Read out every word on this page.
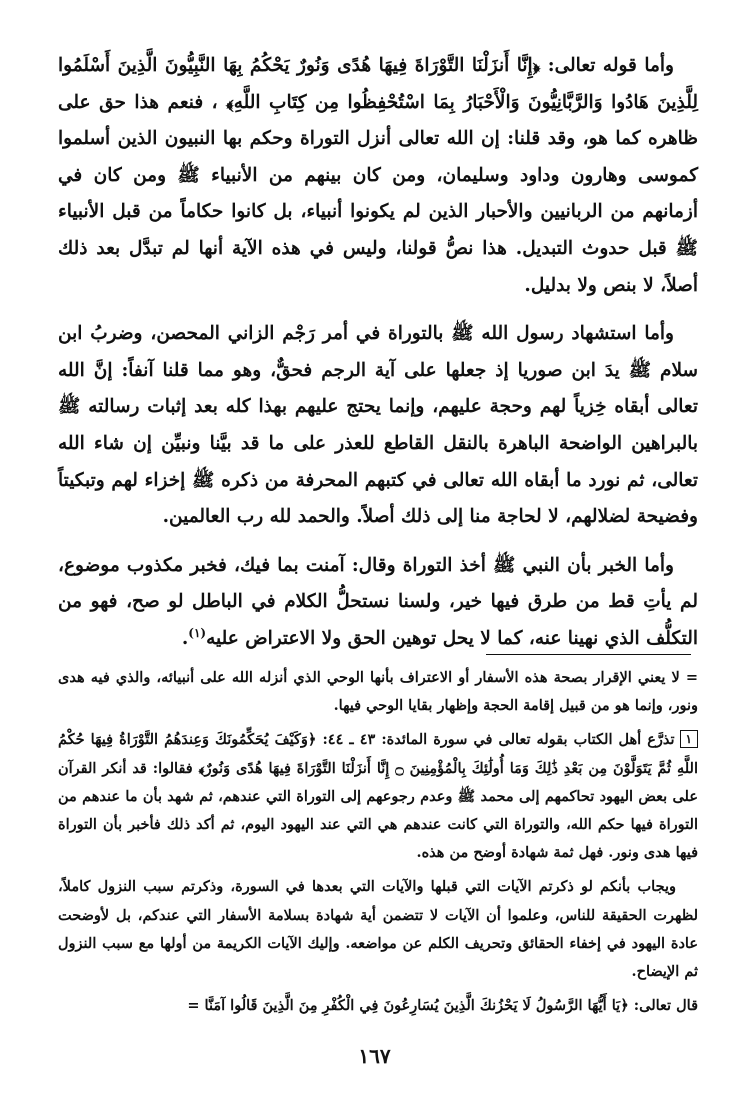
وأما قوله تعالى: ﴿إِنَّا أَنزَلْنَا التَّوْرَاةَ فِيهَا هُدًى وَنُورٌ يَحْكُمُ بِهَا النَّبِيُّونَ الَّذِينَ أَسْلَمُوا لِلَّذِينَ هَادُوا وَالرَّبَّانِيُّونَ وَالْأَحْبَارُ بِمَا اسْتُحْفِظُوا مِن كِتَابِ اللَّهِ﴾ ، فنعم هذا حق على ظاهره كما هو، وقد قلنا: إن الله تعالى أنزل التوراة وحكم بها النبيون الذين أسلموا كموسى وهارون وداود وسليمان، ومن كان بينهم من الأنبياء ﷺ ومن كان في أزمانهم من الربانيين والأحبار الذين لم يكونوا أنبياء، بل كانوا حكاماً من قبل الأنبياء ﷺ قبل حدوث التبديل. هذا نصُّ قولنا، وليس في هذه الآية أنها لم تبدَّل بعد ذلك أصلاً، لا بنص ولا بدليل.

وأما استشهاد رسول الله ﷺ بالتوراة في أمر رَجْم الزاني المحصن، وضربُ ابن سلام ﷺ يدَ ابن صوريا إذ جعلها على آية الرجم فحقٌّ، وهو مما قلنا آنفاً: إنَّ الله تعالى أبقاه خِزياً لهم وحجة عليهم، وإنما يحتج عليهم بهذا كله بعد إثبات رسالته ﷺ بالبراهين الواضحة الباهرة بالنقل القاطع للعذر على ما قد بيَّنا ونبيِّن إن شاء الله تعالى، ثم نورد ما أبقاه الله تعالى في كتبهم المحرفة من ذكره ﷺ إخزاء لهم وتبكيتاً وفضيحة لضلالهم، لا لحاجة منا إلى ذلك أصلاً. والحمد لله رب العالمين.

وأما الخبر بأن النبي ﷺ أخذ التوراة وقال: آمنت بما فيك، فخبر مكذوب موضوع، لم يأتِ قط من طرق فيها خير، ولسنا نستحلُّ الكلام في الباطل لو صح، فهو من التكلُّف الذي نهينا عنه، كما لا يحل توهين الحق ولا الاعتراض عليه$^{(١)}$.

= لا يعني الإقرار بصحة هذه الأسفار أو الاعتراف بأنها الوحي الذي أنزله الله على أنبيائه، والذي فيه هدى ونور، وإنما هو من قبيل إقامة الحجة وإظهار بقايا الوحي فيها.

١تذرَّع أهل الكتاب بقوله تعالى في سورة المائدة: ٤٣ ـ ٤٤: ﴿وَكَيْفَ يُحَكِّمُونَكَ وَعِندَهُمُ التَّوْرَاةُ فِيهَا حُكْمُ اللَّهِ ثُمَّ يَتَوَلَّوْنَ مِن بَعْدِ ذَٰلِكَ وَمَا أُولَٰئِكَ بِالْمُؤْمِنِينَ ۝ إِنَّا أَنزَلْنَا التَّوْرَاةَ فِيهَا هُدًى وَنُورٌ﴾ فقالوا: قد أنكر القرآن على بعض اليهود تحاكمهم إلى محمد ﷺ وعدم رجوعهم إلى التوراة التي عندهم، ثم شهد بأن ما عندهم من التوراة فيها حكم الله، والتوراة التي كانت عندهم هي التي عند اليهود اليوم، ثم أكد ذلك فأخبر بأن التوراة فيها هدى ونور. فهل ثمة شهادة أوضح من هذه.

ويجاب بأنكم لو ذكرتم الآيات التي قبلها والآيات التي بعدها في السورة، وذكرتم سبب النزول كاملاً، لظهرت الحقيقة للناس، وعلموا أن الآيات لا تتضمن أية شهادة بسلامة الأسفار التي عندكم، بل لأوضحت عادة اليهود في إخفاء الحقائق وتحريف الكلم عن مواضعه. وإليك الآيات الكريمة من أولها مع سبب النزول ثم الإيضاح.

قال تعالى: ﴿يَا أَيُّهَا الرَّسُولُ لَا يَحْزُنكَ الَّذِينَ يُسَارِعُونَ فِي الْكُفْرِ مِنَ الَّذِينَ قَالُوا آمَنَّا =

١٦٧
